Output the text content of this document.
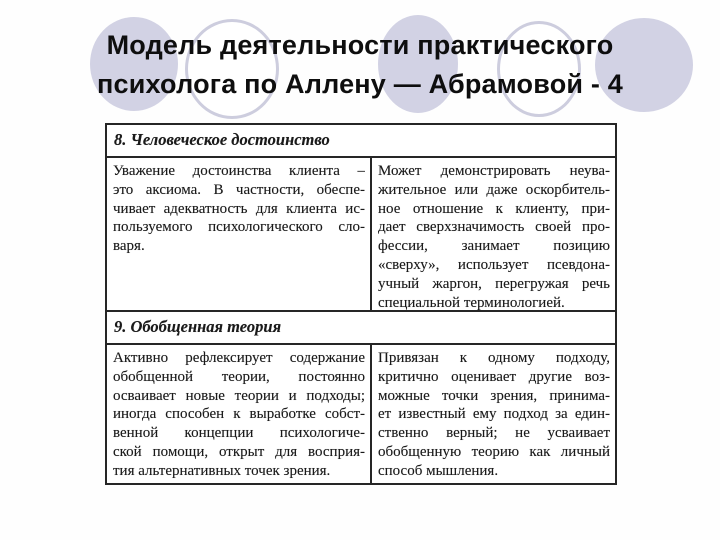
Модель деятельности практического
психолога по Аллену — Абрамовой - 4
8. Человеческое достоинство
Уважение достоинства клиента –
это аксиома. В частности, обеспе-
чивает адекватность для клиента ис-
пользуемого психологического сло-
варя.
Может демонстрировать неува-
жительное или даже оскорбитель-
ное отношение к клиенту, при-
дает сверхзначимость своей про-
фессии, занимает позицию
«сверху», использует псевдона-
учный жаргон, перегружая речь
специальной терминологией.
9. Обобщенная теория
Активно рефлексирует содержание
обобщенной теории, постоянно
осваивает новые теории и подходы;
иногда способен к выработке собст-
венной концепции психологиче-
ской помощи, открыт для восприя-
тия альтернативных точек зрения.
Привязан к одному подходу,
критично оценивает другие воз-
можные точки зрения, принима-
ет известный ему подход за един-
ственно верный; не усваивает
обобщенную теорию как личный
способ мышления.
